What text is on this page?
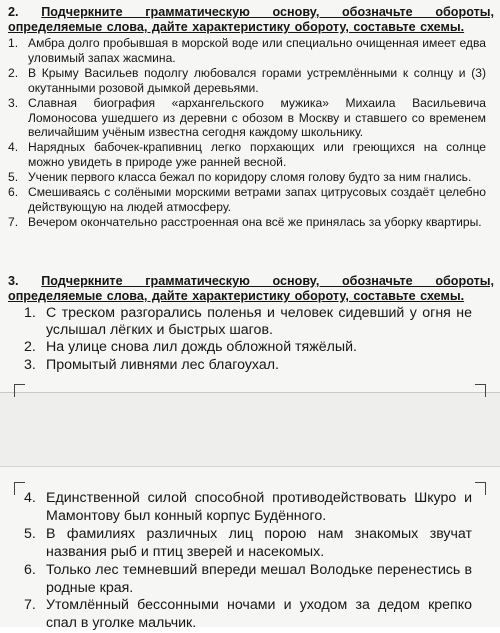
2. Подчеркните грамматическую основу, обозначьте обороты, определяемые слова, дайте характеристику обороту, составьте схемы.
1. Амбра долго пробывшая в морской воде или специально очищенная имеет едва уловимый запах жасмина.
2. В Крыму Васильев подолгу любовался горами устремлёнными к солнцу и (3) окутанными розовой дымкой деревьями.
3. Славная биография «архангельского мужика» Михаила Васильевича Ломоносова ушедшего из деревни с обозом в Москву и ставшего со временем величайшим учёным известна сегодня каждому школьнику.
4. Нарядных бабочек-крапивниц легко порхающих или греющихся на солнце можно увидеть в природе уже ранней весной.
5. Ученик первого класса бежал по коридору сломя голову будто за ним гнались.
6. Смешиваясь с солёными морскими ветрами запах цитрусовых создаёт целебно действующую на людей атмосферу.
7. Вечером окончательно расстроенная она всё же принялась за уборку квартиры.
3. Подчеркните грамматическую основу, обозначьте обороты, определяемые слова, дайте характеристику обороту, составьте схемы.
1. С треском разгорались поленья и человек сидевший у огня не услышал лёгких и быстрых шагов.
2. На улице снова лил дождь обложной тяжёлый.
3. Промытый ливнями лес благоухал.
4. Единственной силой способной противодействовать Шкуро и Мамонтову был конный корпус Будённого.
5. В фамилиях различных лиц порою нам знакомых звучат названия рыб и птиц зверей и насекомых.
6. Только лес темневший впереди мешал Володьке перенестись в родные края.
7. Утомлённый бессонными ночами и уходом за дедом крепко спал в уголке мальчик.
